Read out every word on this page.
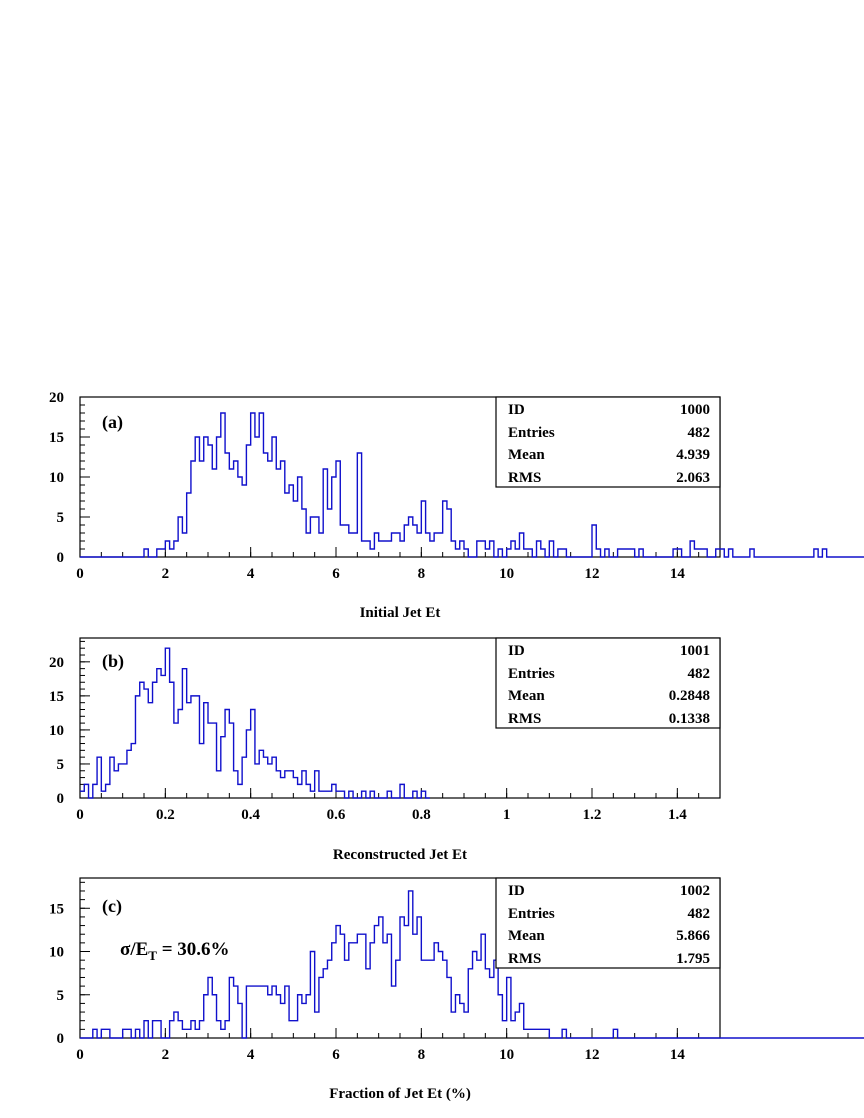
0	2	4	6	8	10	12	14
0
5
10
15
20
(a)
ID	1000
Entries	482
Mean	4.939
RMS	2.063
Initial Jet Et
0	0.2	0.4	0.6	0.8	1	1.2	1.4
0
5
10
15
20 (b)	ID	1001
Entries	482
Mean	0.2848
RMS	0.1338
Reconstructed Jet Et
0	2	4	6	8	10	12	14
0
5
10
15 (c)
$\sigma/E_T = 30.6\%$
ID	1002
Entries	482
Mean	5.866
RMS	1.795
Fraction of Jet Et (%)
